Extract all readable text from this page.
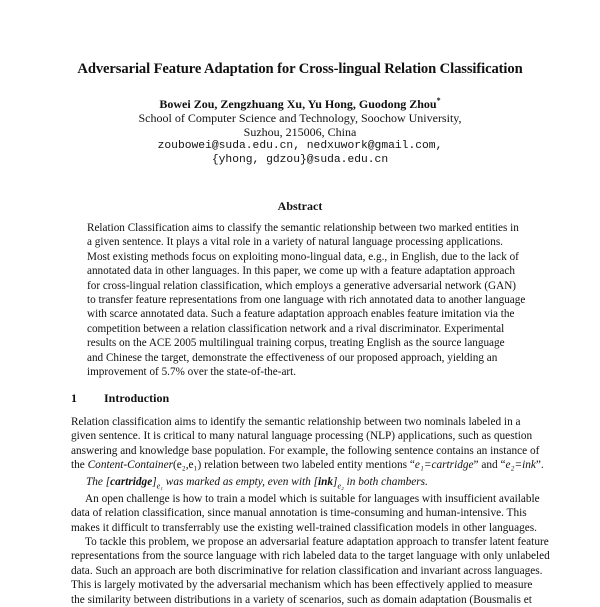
Adversarial Feature Adaptation for Cross-lingual Relation Classification
Bowei Zou, Zengzhuang Xu, Yu Hong, Guodong Zhou*
School of Computer Science and Technology, Soochow University,
Suzhou, 215006, China
zoubowei@suda.edu.cn, nedxuwork@gmail.com,
{yhong, gdzou}@suda.edu.cn
Abstract
Relation Classification aims to classify the semantic relationship between two marked entities in
a given sentence. It plays a vital role in a variety of natural language processing applications.
Most existing methods focus on exploiting mono-lingual data, e.g., in English, due to the lack of
annotated data in other languages. In this paper, we come up with a feature adaptation approach
for cross-lingual relation classification, which employs a generative adversarial network (GAN)
to transfer feature representations from one language with rich annotated data to another language
with scarce annotated data. Such a feature adaptation approach enables feature imitation via the
competition between a relation classification network and a rival discriminator. Experimental
results on the ACE 2005 multilingual training corpus, treating English as the source language
and Chinese the target, demonstrate the effectiveness of our proposed approach, yielding an
improvement of 5.7% over the state-of-the-art.
1 Introduction
Relation classification aims to identify the semantic relationship between two nominals labeled in a
given sentence. It is critical to many natural language processing (NLP) applications, such as question
answering and knowledge base population. For example, the following sentence contains an instance of
the Content-Container(e₂,e₁) relation between two labeled entity mentions “e₁=cartridge” and “e₂=ink”.
The $[cartridge]_{e_1}$ was marked as empty, even with $[ink]_{e_2}$ in both chambers.
An open challenge is how to train a model which is suitable for languages with insufficient available
data of relation classification, since manual annotation is time-consuming and human-intensive. This
makes it difficult to transferrably use the existing well-trained classification models in other languages.
To tackle this problem, we propose an adversarial feature adaptation approach to transfer latent feature
representations from the source language with rich labeled data to the target language with only unlabeled
data. Such an approach are both discriminative for relation classification and invariant across languages.
This is largely motivated by the adversarial mechanism which has been effectively applied to measure
the similarity between distributions in a variety of scenarios, such as domain adaptation (Bousmalis et
